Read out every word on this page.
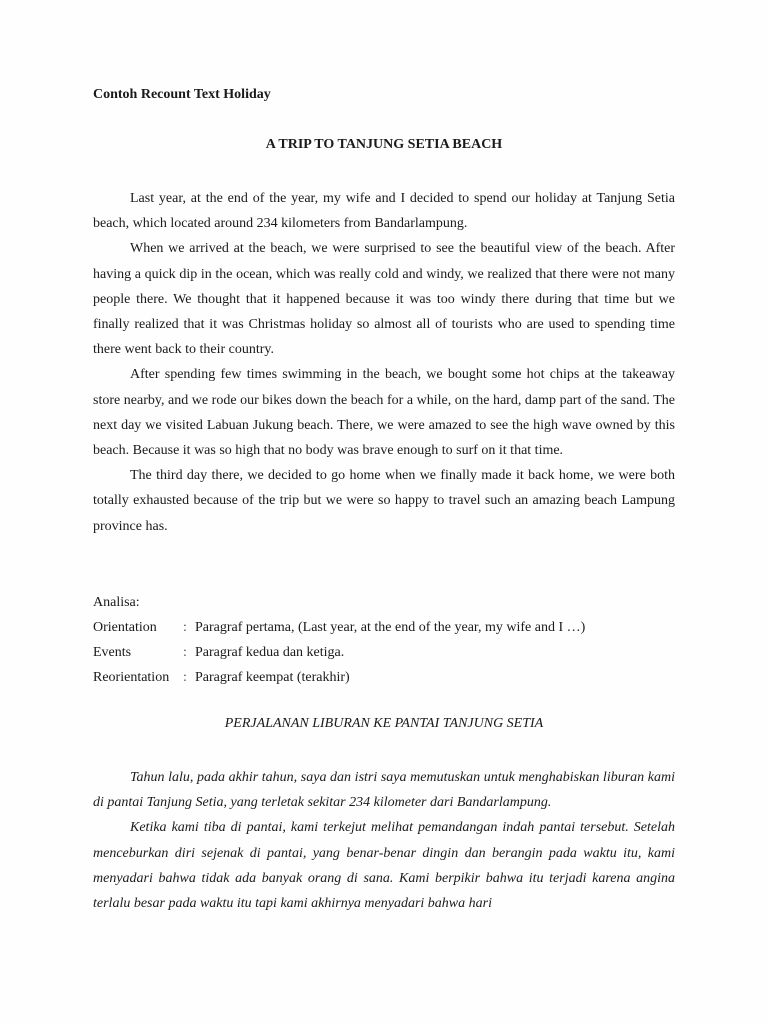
Contoh Recount Text Holiday
A TRIP TO TANJUNG SETIA BEACH

Last year, at the end of the year, my wife and I decided to spend our holiday at Tanjung Setia beach, which located around 234 kilometers from Bandarlampung.

When we arrived at the beach, we were surprised to see the beautiful view of the beach. After having a quick dip in the ocean, which was really cold and windy, we realized that there were not many people there. We thought that it happened because it was too windy there during that time but we finally realized that it was Christmas holiday so almost all of tourists who are used to spending time there went back to their country.

After spending few times swimming in the beach, we bought some hot chips at the takeaway store nearby, and we rode our bikes down the beach for a while, on the hard, damp part of the sand. The next day we visited Labuan Jukung beach. There, we were amazed to see the high wave owned by this beach. Because it was so high that no body was brave enough to surf on it that time.

The third day there, we decided to go home when we finally made it back home, we were both totally exhausted because of the trip but we were so happy to travel such an amazing beach Lampung province has.

Analisa:
Orientation	: Paragraf pertama, (Last year, at the end of the year, my wife and I …)
Events	: Paragraf kedua dan ketiga.
Reorientation : Paragraf keempat (terakhir)
PERJALANAN LIBURAN KE PANTAI TANJUNG SETIA

Tahun lalu, pada akhir tahun, saya dan istri saya memutuskan untuk menghabiskan liburan kami di pantai Tanjung Setia, yang terletak sekitar 234 kilometer dari Bandarlampung.

Ketika kami tiba di pantai, kami terkejut melihat pemandangan indah pantai tersebut. Setelah menceburkan diri sejenak di pantai, yang benar-benar dingin dan berangin pada waktu itu, kami menyadari bahwa tidak ada banyak orang di sana. Kami berpikir bahwa itu terjadi karena angina terlalu besar pada waktu itu tapi kami akhirnya menyadari bahwa hari
